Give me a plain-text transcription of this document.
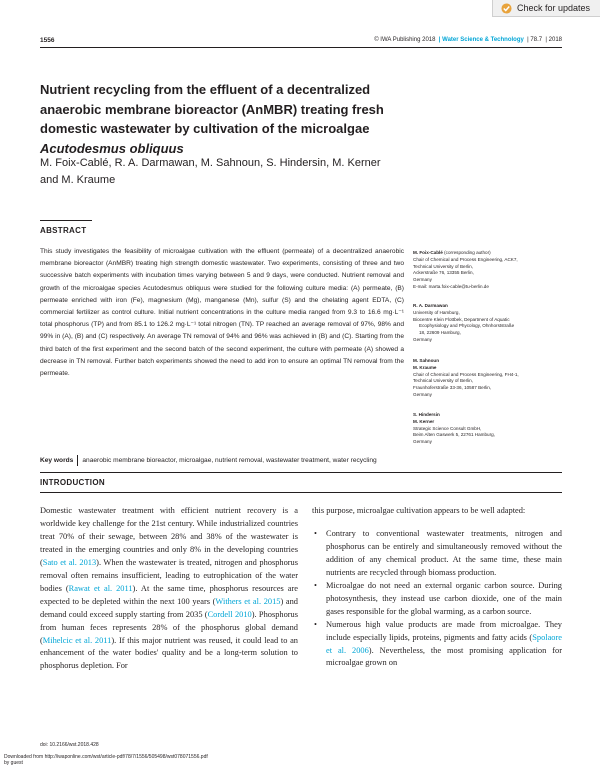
Check for updates
1556	© IWA Publishing 2018  | Water Science & Technology  | 78.7  | 2018
Nutrient recycling from the effluent of a decentralized
anaerobic membrane bioreactor (AnMBR) treating fresh
domestic wastewater by cultivation of the microalgae
Acutodesmus obliquus
M. Foix-Cablé, R. A. Darmawan, M. Sahnoun, S. Hindersin, M. Kerner
and M. Kraume
ABSTRACT
This study investigates the feasibility of microalgae cultivation with the effluent (permeate) of a decentralized anaerobic membrane bioreactor (AnMBR) treating high strength domestic wastewater. Two experiments, consisting of three and two successive batch experiments with incubation times varying between 5 and 9 days, were conducted. Nutrient removal and growth of the microalgae species Acutodesmus obliquus were studied for the following culture media: (A) permeate, (B) permeate enriched with iron (Fe), magnesium (Mg), manganese (Mn), sulfur (S) and the chelating agent EDTA, (C) commercial fertilizer as control culture. Initial nutrient concentrations in the culture media ranged from 9.3 to 16.6 mg·L⁻¹ total phosphorus (TP) and from 85.1 to 126.2 mg·L⁻¹ total nitrogen (TN). TP reached an average removal of 97%, 98% and 99% in (A), (B) and (C) respectively. An average TN removal of 94% and 96% was achieved in (B) and (C). Starting from the third batch of the first experiment and the second batch of the second experiment, the culture with permeate (A) showed a decrease in TN removal. Further batch experiments showed the need to add iron to ensure an optimal TN removal from the permeate.
Key words	anaerobic membrane bioreactor, microalgae, nutrient removal, wastewater treatment, water recycling
M. Foix-Cablé (corresponding author)
Chair of Chemical and Process Engineering, ACK7,
Technical University of Berlin,
Ackerstraße 76, 13355 Berlin,
Germany
E-mail: marta.foix-cable@tu-berlin.de
R. A. Darmawan
University of Hamburg,
Biocentre Klein Flottbek, Department of Aquatic
Ecophysiology and Phycology, Ohnhorststraße
18, 22609 Hamburg,
Germany
M. Sahnoun
M. Kraume
Chair of Chemical and Process Engineering, FH4-1,
Technical University of Berlin,
Fraunhoferstraße 33-36, 10587 Berlin,
Germany
S. Hindersin
M. Kerner
Strategic Science Consult GmbH,
Beim Alten Gaswerk 5, 22761 Hamburg,
Germany
INTRODUCTION
Domestic wastewater treatment with efficient nutrient recovery is a worldwide key challenge for the 21st century. While industrialized countries treat 70% of their sewage, between 28% and 38% of the wastewater is treated in the emerging countries and only 8% in the developing countries (Sato et al. 2013). When the wastewater is treated, nitrogen and phosphorus removal often remains insufficient, leading to eutrophication of the water bodies (Rawat et al. 2011). At the same time, phosphorus resources are expected to be depleted within the next 100 years (Withers et al. 2015) and demand could exceed supply starting from 2035 (Cordell 2010). Phosphorus from human feces represents 28% of the phosphorus global demand (Mihelcic et al. 2011). If this major nutrient was reused, it could lead to an enhancement of the water bodies' quality and be a long-term solution to phosphorus depletion. For
this purpose, microalgae cultivation appears to be well adapted:
• Contrary to conventional wastewater treatments, nitrogen and phosphorus can be entirely and simultaneously removed without the addition of any chemical product. At the same time, these main nutrients are recycled through biomass production.
• Microalgae do not need an external organic carbon source. During photosynthesis, they instead use carbon dioxide, one of the main gases responsible for the global warming, as a carbon source.
• Numerous high value products are made from microalgae. They include especially lipids, proteins, pigments and fatty acids (Spolaore et al. 2006). Nevertheless, the most promising application for microalgae grown on
doi: 10.2166/wst.2018.428
Downloaded from http://iwaponline.com/wst/article-pdf/78/7/1556/505498/wst078071556.pdf
by guest
